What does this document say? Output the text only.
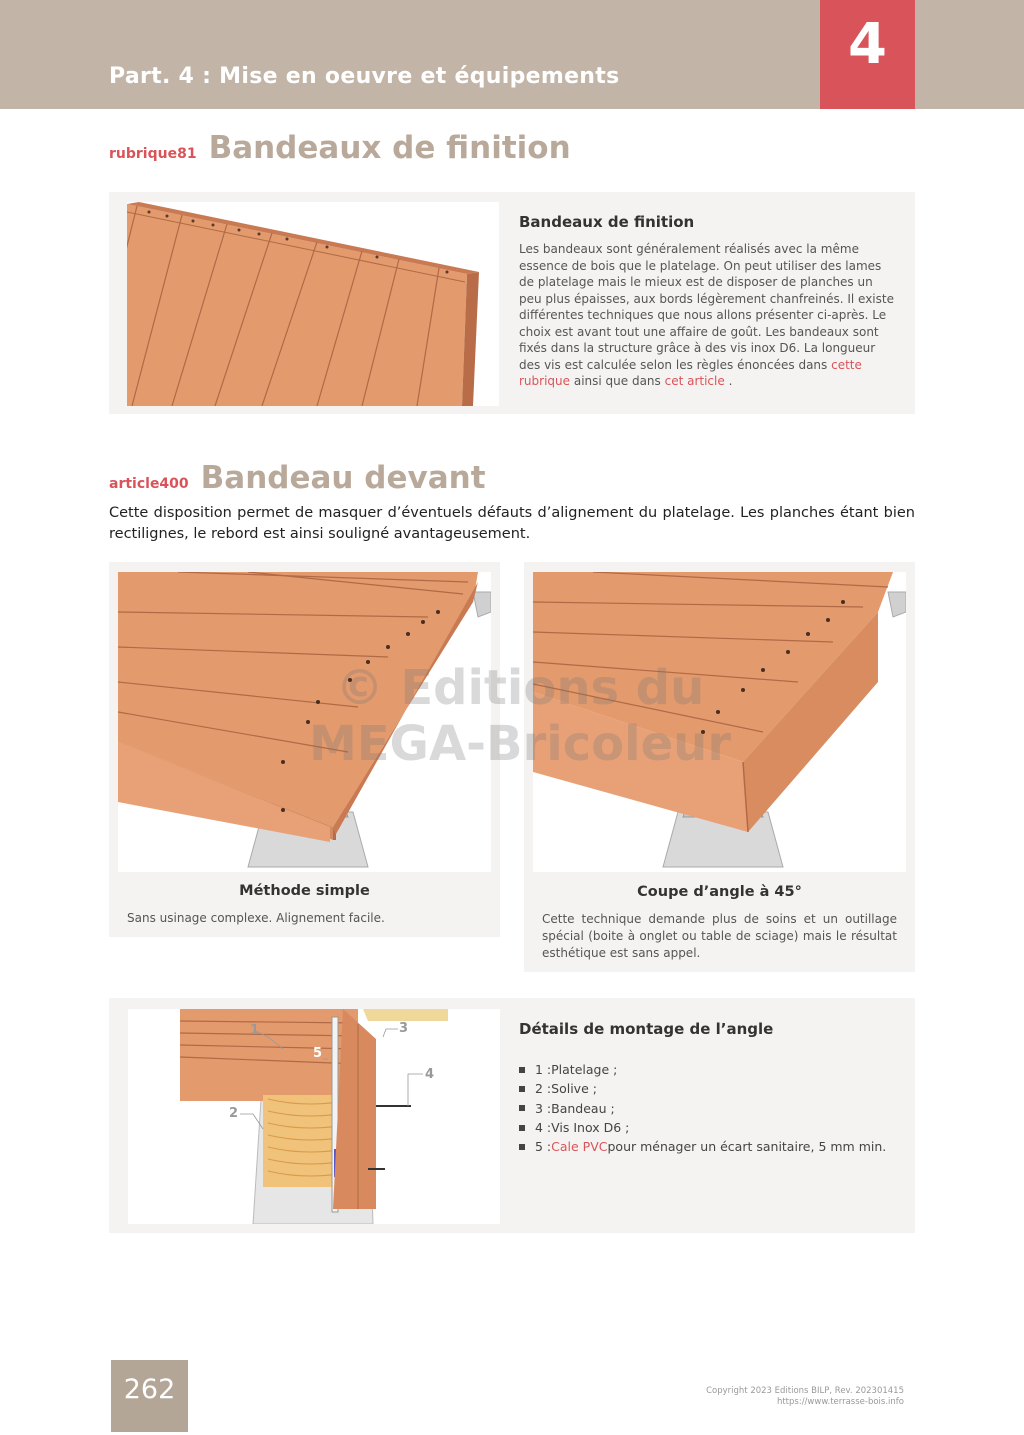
Part. 4 : Mise en oeuvre et équipements	4
rubrique81 Bandeaux de finition
Bandeaux de finition
Les bandeaux sont généralement réalisés avec la même essence de bois que le platelage. On peut utiliser des lames de platelage mais le mieux est de disposer de planches un peu plus épaisses, aux bords légèrement chanfreinés. Il existe différentes techniques que nous allons présenter ci-après. Le choix est avant tout une affaire de goût. Les bandeaux sont fixés dans la structure grâce à des vis inox D6. La longueur des vis est calculée selon les règles énoncées dans cette rubrique ainsi que dans cet article .
article400 Bandeau devant
Cette disposition permet de masquer d’éventuels défauts d’alignement du platelage. Les planches étant bien rectilignes, le rebord est ainsi souligné avantageusement.
Méthode simple
Sans usinage complexe. Alignement facile.
Coupe d’angle à 45°
Cette technique demande plus de soins et un outillage spécial (boite à onglet ou table de sciage) mais le résultat esthétique est sans appel.
© Editions du
MEGA-Bricoleur
1
2
3
4
5
Détails de montage de l’angle
1 : Platelage ;
2 : Solive ;
3 : Bandeau ;
4 : Vis Inox D6 ;
5 : Cale PVC pour ménager un écart sanitaire, 5 mm min.
262	Copyright 2023 Editions BILP, Rev. 202301415
https://www.terrasse-bois.info
